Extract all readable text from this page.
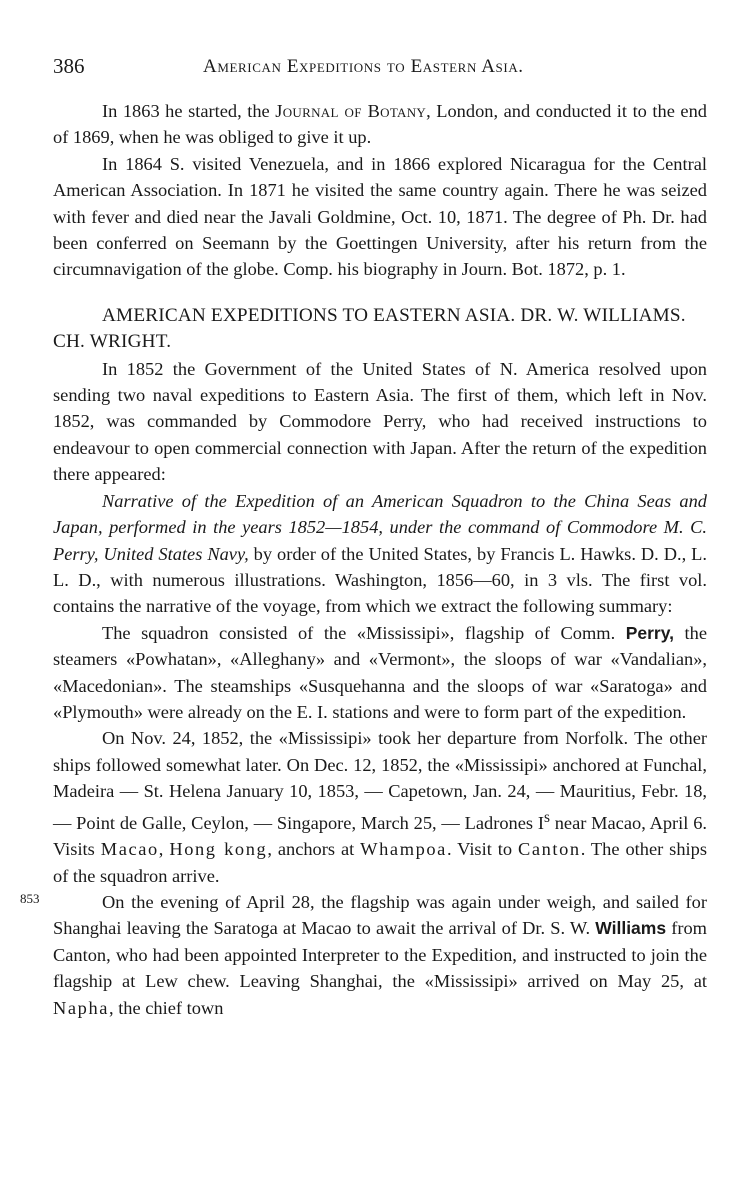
386	American Expeditions to Eastern Asia.
853

In 1863 he started, the Journal of Botany, London, and conducted it to the end of 1869, when he was obliged to give it up.

In 1864 S. visited Venezuela, and in 1866 explored Nicaragua for the Central American Association. In 1871 he visited the same country again. There he was seized with fever and died near the Javali Goldmine, Oct. 10, 1871. The degree of Ph. Dr. had been conferred on Seemann by the Goettingen University, after his return from the circumnavigation of the globe. Comp. his biography in Journ. Bot. 1872, p. 1.

AMERICAN EXPEDITIONS TO EASTERN ASIA. DR. W. WILLIAMS. CH. WRIGHT.

In 1852 the Government of the United States of N. America resolved upon sending two naval expeditions to Eastern Asia. The first of them, which left in Nov. 1852, was commanded by Commodore Perry, who had received instructions to endeavour to open commercial connection with Japan. After the return of the expedition there appeared:

Narrative of the Expedition of an American Squadron to the China Seas and Japan, performed in the years 1852—1854, under the command of Commodore M. C. Perry, United States Navy, by order of the United States, by Francis L. Hawks. D. D., L. L. D., with numerous illustrations. Washington, 1856—60, in 3 vls. The first vol. contains the narrative of the voyage, from which we extract the following summary:

The squadron consisted of the «Mississipi», flagship of Comm. Perry, the steamers «Powhatan», «Alleghany» and «Vermont», the sloops of war «Vandalian», «Macedonian». The steamships «Susquehanna and the sloops of war «Saratoga» and «Plymouth» were already on the E. I. stations and were to form part of the expedition.

On Nov. 24, 1852, the «Mississipi» took her departure from Norfolk. The other ships followed somewhat later. On Dec. 12, 1852, the «Mississipi» anchored at Funchal, Madeira — St. Helena January 10, 1853, — Capetown, Jan. 24, — Mauritius, Febr. 18, — Point de Galle, Ceylon, — Singapore, March 25, — Ladrones $I^s$ near Macao, April 6. Visits Macao, Hong kong, anchors at Whampoa. Visit to Canton. The other ships of the squadron arrive.

On the evening of April 28, the flagship was again under weigh, and sailed for Shanghai leaving the Saratoga at Macao to await the arrival of Dr. S. W. Williams from Canton, who had been appointed Interpreter to the Expedition, and instructed to join the flagship at Lew chew. Leaving Shanghai, the «Mississipi» arrived on May 25, at Napha, the chief town
